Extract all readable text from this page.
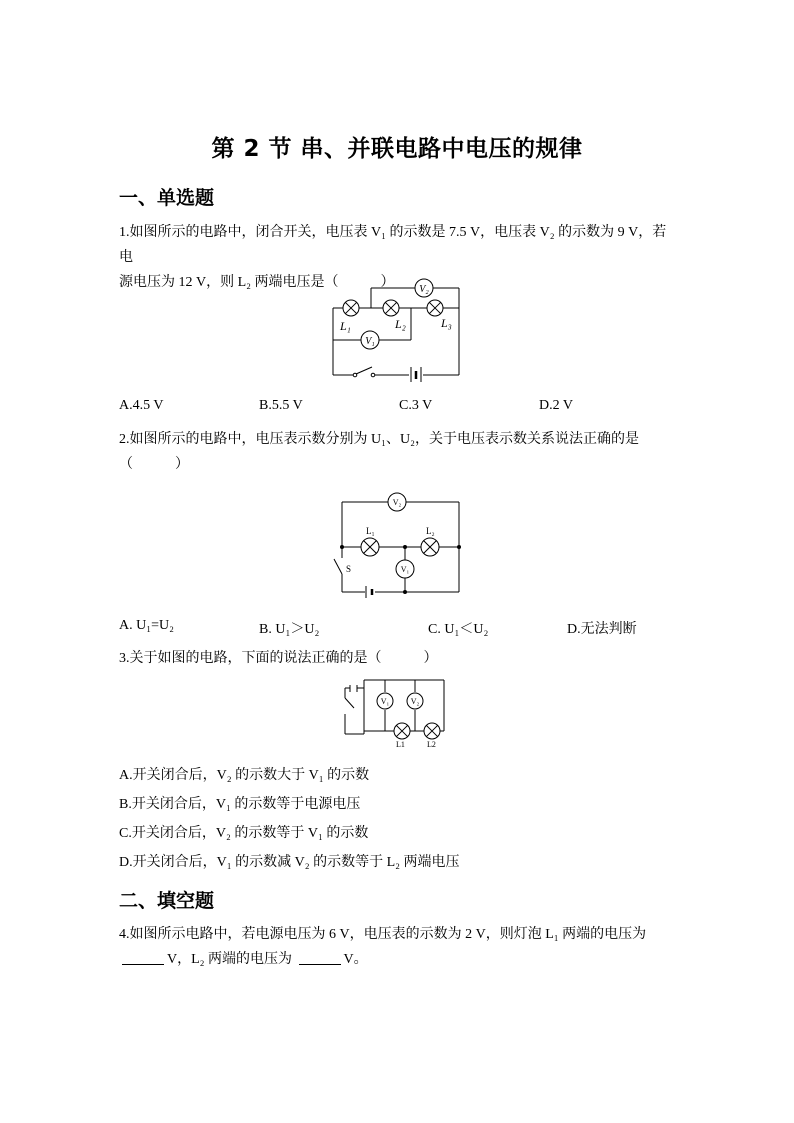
第 2 节 串、并联电路中电压的规律
一、单选题
1.如图所示的电路中，闭合开关，电压表 V₁ 的示数是 7.5 V，电压表 V₂ 的示数为 9 V，若电
源电压为 12 V，则 L₂ 两端电压是（　　　）	V₂
V₁
L₁	L₂	L₃
A.4.5 V	B.5.5 V	C.3 V	D.2 V
2.如图所示的电路中，电压表示数分别为 U₁、U₂，关于电压表示数关系说法正确的是
（　　　）
V₂
V₁
L₁	L₂
S
A. U₁=U₂	B. U₁＞U₂	C. U₁＜U₂	D.无法判断
3.关于如图的电路，下面的说法正确的是（　　　）
V₁	V₂
L1	L2
A.开关闭合后，V₂ 的示数大于 V₁ 的示数
B.开关闭合后，V₁ 的示数等于电源电压
C.开关闭合后，V₂ 的示数等于 V₁ 的示数
D.开关闭合后，V₁ 的示数减 V₂ 的示数等于 L₂ 两端电压
二、填空题
4.如图所示电路中，若电源电压为 6 V，电压表的示数为 2 V，则灯泡 L₁ 两端的电压为
V，L₂ 两端的电压为	V。
